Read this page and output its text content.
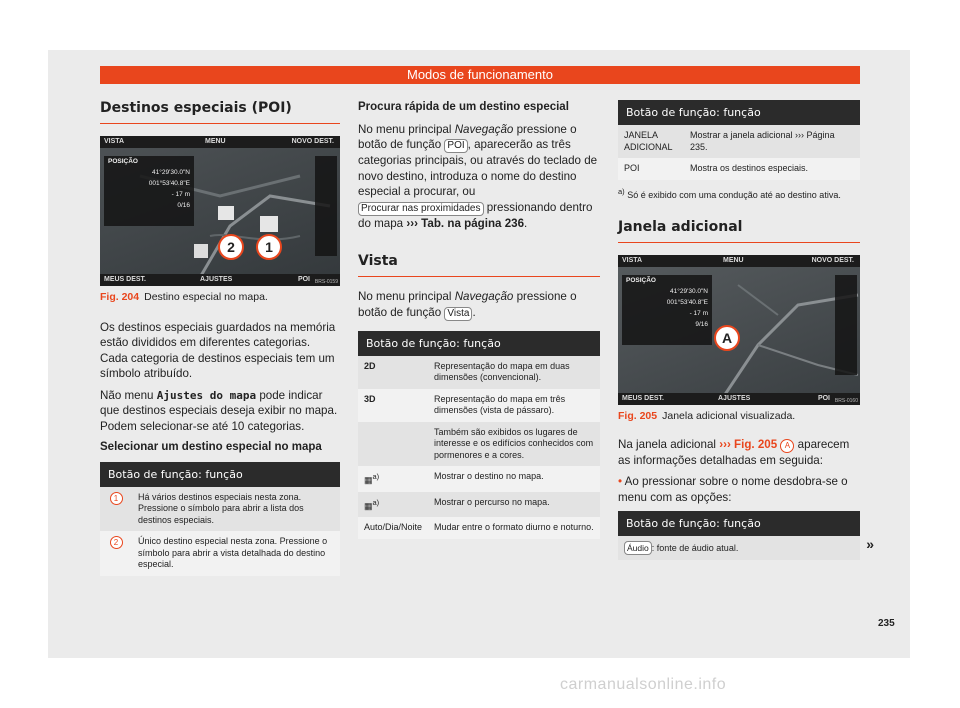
Modos de funcionamento
Destinos especiais (POI)
VISTA	MENU	NOVO DEST.
POSIÇÃO
41°29'30.0"N
001°53'40.8"E
- 17 m
0/16
2	1
MEUS DEST.	AJUSTES	POI BRS-0159

Fig. 204 Destino especial no mapa.

Os destinos especiais guardados na memória estão divididos em diferentes categorias. Cada categoria de destinos especiais tem um símbolo atribuído.

Não menu Ajustes do mapa pode indicar que destinos especiais deseja exibir no mapa. Podem selecionar-se até 10 categorias.

Selecionar um destino especial no mapa

Botão de função: função
1	Há vários destinos especiais nesta zona. Pressione o símbolo para abrir a lista dos destinos especiais.
2	Único destino especial nesta zona. Pressione o símbolo para abrir a vista detalhada do destino especial.

Procura rápida de um destino especial

No menu principal Navegação pressione o botão de função POI , aparecerão as três categorias principais, ou através do teclado de novo destino, introduza o nome do destino especial a procurar, ou Procurar nas proximidades pressionando dentro do mapa ››› Tab. na página 236.

Vista

No menu principal Navegação pressione o botão de função Vista .

Botão de função: função
2D	Representação do mapa em duas dimensões (convencional).
3D	Representação do mapa em três dimensões (vista de pássaro).
	Também são exibidos os lugares de interesse e os edifícios conhecidos com pormenores e a cores.
▦$^{a)}$	Mostrar o destino no mapa.
▦$^{a)}$	Mostrar o percurso no mapa.
Auto/Dia/Noite	Mudar entre o formato diurno e noturno.
Botão de função: função
JANELA ADICIONAL	Mostrar a janela adicional ››› Página 235.
POI	Mostra os destinos especiais.

$^{a)}$ Só é exibido com uma condução até ao destino ativa.

Janela adicional
VISTA	MENU	NOVO DEST.
POSIÇÃO
41°29'30.0"N
001°53'40.8"E
- 17 m
9/16
A
MEUS DEST.	AJUSTES	POI BRS-0160

Fig. 205 Janela adicional visualizada.

Na janela adicional ››› Fig. 205 A aparecem as informações detalhadas em seguida:

• Ao pressionar sobre o nome desdobra-se o menu com as opções:

Botão de função: função
Áudio : fonte de áudio atual.	»
235
carmanualsonline.info
